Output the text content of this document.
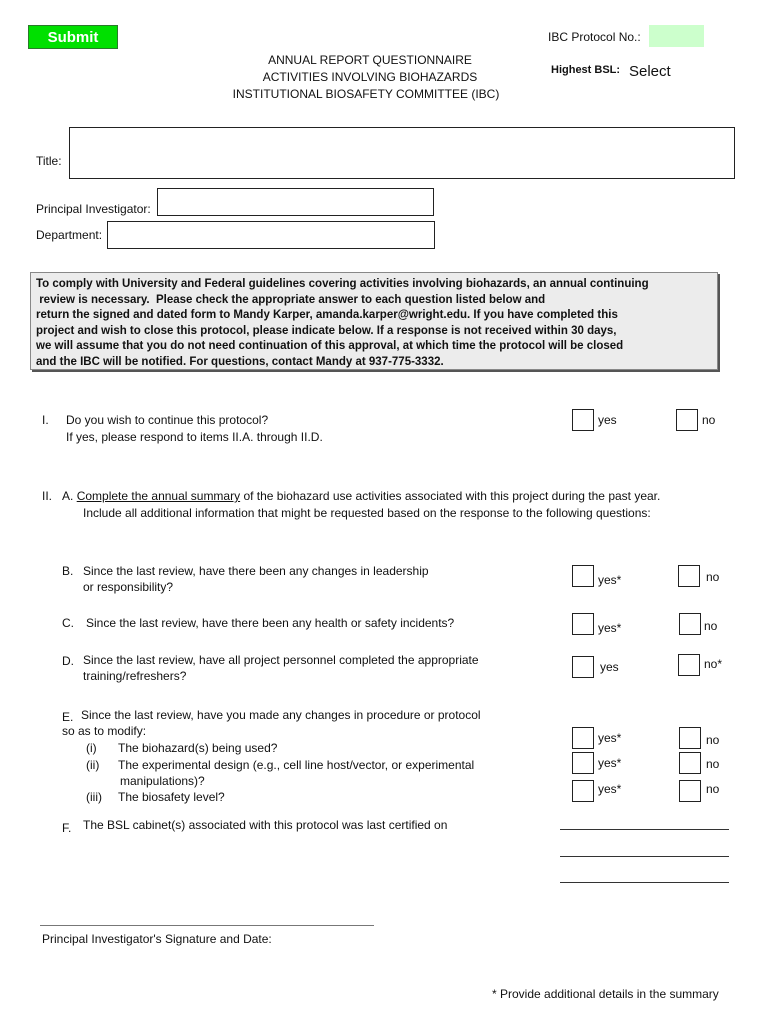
Submit	IBC Protocol No.:
Highest BSL: Select
ANNUAL REPORT QUESTIONNAIRE
ACTIVITIES INVOLVING BIOHAZARDS
INSTITUTIONAL BIOSAFETY COMMITTEE (IBC)
Title:
Principal Investigator:
Department:
To comply with University and Federal guidelines covering activities involving biohazards, an annual continuing
review is necessary.  Please check the appropriate answer to each question listed below and
return the signed and dated form to Mandy Karper, amanda.karper@wright.edu. If you have completed this
project and wish to close this protocol, please indicate below. If a response is not received within 30 days,
we will assume that you do not need continuation of this approval, at which time the protocol will be closed
and the IBC will be notified. For questions, contact Mandy at 937-775-3332.
I. Do you wish to continue this protocol?
If yes, please respond to items II.A. through II.D.
yes	no
II. A. Complete the annual summary of the biohazard use activities associated with this project during the past year.
Include all additional information that might be requested based on the response to the following questions:
B. Since the last review, have there been any changes in leadership
or responsibility?	yes*	no
C. Since the last review, have there been any health or safety incidents?	yes*	no
D. Since the last review, have all project personnel completed the appropriate
training/refreshers?
yes	no*
E. Since the last review, have you made any changes in procedure or protocol
so as to modify:
(i) The biohazard(s) being used?
(ii) The experimental design (e.g., cell line host/vector, or experimental
manipulations)?
(iii) The biosafety level?
yes*	no
yes*	no
yes*	no
F. The BSL cabinet(s) associated with this protocol was last certified on
Principal Investigator's Signature and Date:
* Provide additional details in the summary
